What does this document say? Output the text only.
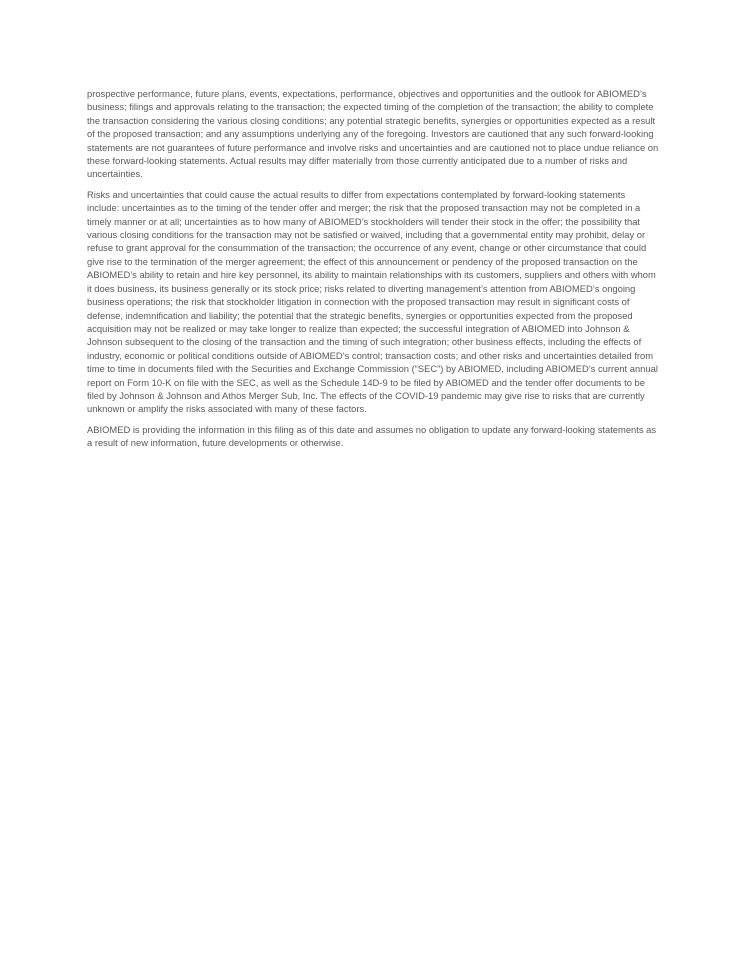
prospective performance, future plans, events, expectations, performance, objectives and opportunities and the outlook for ABIOMED’s business; filings and approvals relating to the transaction; the expected timing of the completion of the transaction; the ability to complete the transaction considering the various closing conditions; any potential strategic benefits, synergies or opportunities expected as a result of the proposed transaction; and any assumptions underlying any of the foregoing. Investors are cautioned that any such forward-looking statements are not guarantees of future performance and involve risks and uncertainties and are cautioned not to place undue reliance on these forward-looking statements. Actual results may differ materially from those currently anticipated due to a number of risks and uncertainties.

Risks and uncertainties that could cause the actual results to differ from expectations contemplated by forward-looking statements include: uncertainties as to the timing of the tender offer and merger; the risk that the proposed transaction may not be completed in a timely manner or at all; uncertainties as to how many of ABIOMED’s stockholders will tender their stock in the offer; the possibility that various closing conditions for the transaction may not be satisfied or waived, including that a governmental entity may prohibit, delay or refuse to grant approval for the consummation of the transaction; the occurrence of any event, change or other circumstance that could give rise to the termination of the merger agreement; the effect of this announcement or pendency of the proposed transaction on the ABIOMED’s ability to retain and hire key personnel, its ability to maintain relationships with its customers, suppliers and others with whom it does business, its business generally or its stock price; risks related to diverting management’s attention from ABIOMED’s ongoing business operations; the risk that stockholder litigation in connection with the proposed transaction may result in significant costs of defense, indemnification and liability; the potential that the strategic benefits, synergies or opportunities expected from the proposed acquisition may not be realized or may take longer to realize than expected; the successful integration of ABIOMED into Johnson & Johnson subsequent to the closing of the transaction and the timing of such integration; other business effects, including the effects of industry, economic or political conditions outside of ABIOMED’s control; transaction costs; and other risks and uncertainties detailed from time to time in documents filed with the Securities and Exchange Commission (“SEC”) by ABIOMED, including ABIOMED’s current annual report on Form 10-K on file with the SEC, as well as the Schedule 14D-9 to be filed by ABIOMED and the tender offer documents to be filed by Johnson & Johnson and Athos Merger Sub, Inc. The effects of the COVID-19 pandemic may give rise to risks that are currently unknown or amplify the risks associated with many of these factors.

ABIOMED is providing the information in this filing as of this date and assumes no obligation to update any forward-looking statements as a result of new information, future developments or otherwise.
